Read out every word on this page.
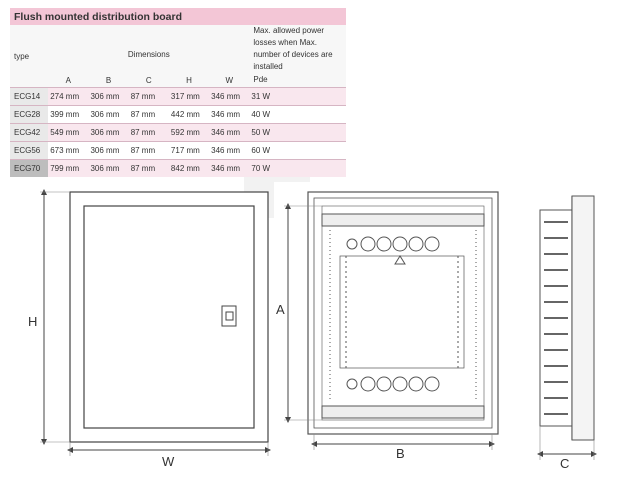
Flush mounted distribution board						
type	Dimensions					Max. allowed power losses when Max. number of devices are installed
	A	B	C	H	W	Pde
ECG14	274 mm	306 mm	87 mm	317 mm	346 mm	31 W
ECG28	399 mm	306 mm	87 mm	442 mm	346 mm	40 W
ECG42	549 mm	306 mm	87 mm	592 mm	346 mm	50 W
ECG56	673 mm	306 mm	87 mm	717 mm	346 mm	60 W
ECG70	799 mm	306 mm	87 mm	842 mm	346 mm	70 W
H
W
A
B
C
